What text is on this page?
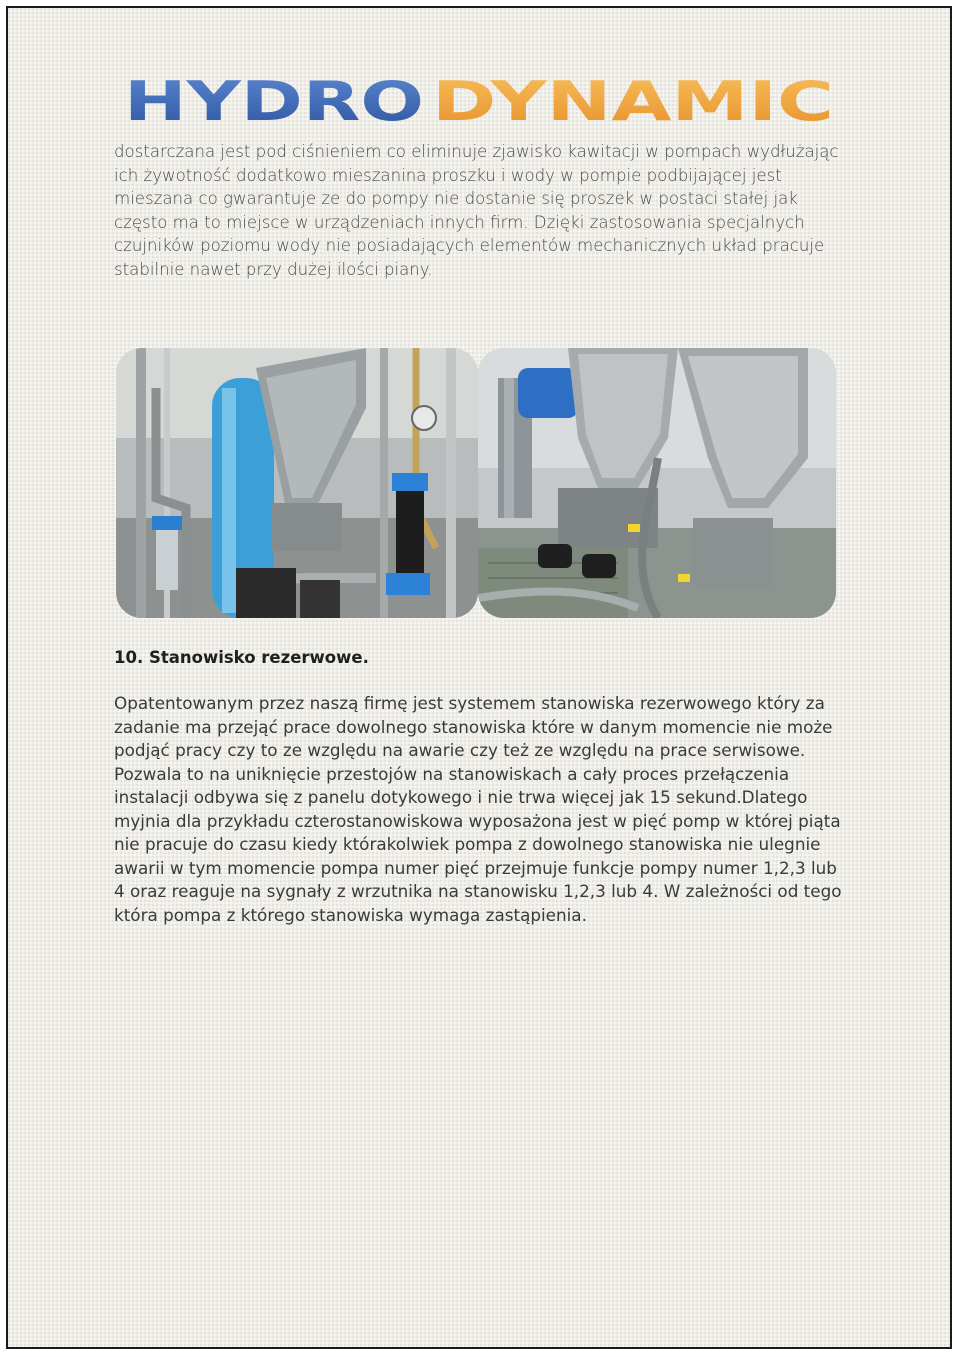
HYDRO DYNAMIC

dostarczana jest pod ciśnieniem co eliminuje zjawisko kawitacji w pompach wydłużając ich żywotność dodatkowo mieszanina proszku i wody w pompie podbijającej jest mieszana co gwarantuje ze do pompy nie dostanie się proszek w postaci stałej jak często ma to miejsce w urządzeniach innych firm. Dzięki zastosowania specjalnych czujników poziomu wody nie posiadających elementów mechanicznych układ pracuje stabilnie nawet przy dużej ilości piany.

10. Stanowisko rezerwowe.

Opatentowanym przez naszą firmę jest systemem stanowiska rezerwowego który za zadanie ma przejąć prace dowolnego stanowiska które w danym momencie nie może podjąć pracy czy to ze względu na awarie czy też ze względu na prace serwisowe. Pozwala to na uniknięcie przestojów na stanowiskach a cały proces przełączenia instalacji odbywa się z panelu dotykowego i nie trwa więcej jak 15 sekund.Dlatego myjnia dla przykładu czterostanowiskowa wyposażona jest w pięć pomp w której piąta nie pracuje do czasu kiedy którakolwiek pompa z dowolnego stanowiska nie ulegnie awarii w tym momencie pompa numer pięć przejmuje funkcje pompy numer 1,2,3 lub 4 oraz reaguje na sygnały z wrzutnika na stanowisku 1,2,3 lub 4. W zależności od tego która pompa z którego stanowiska wymaga zastąpienia.
